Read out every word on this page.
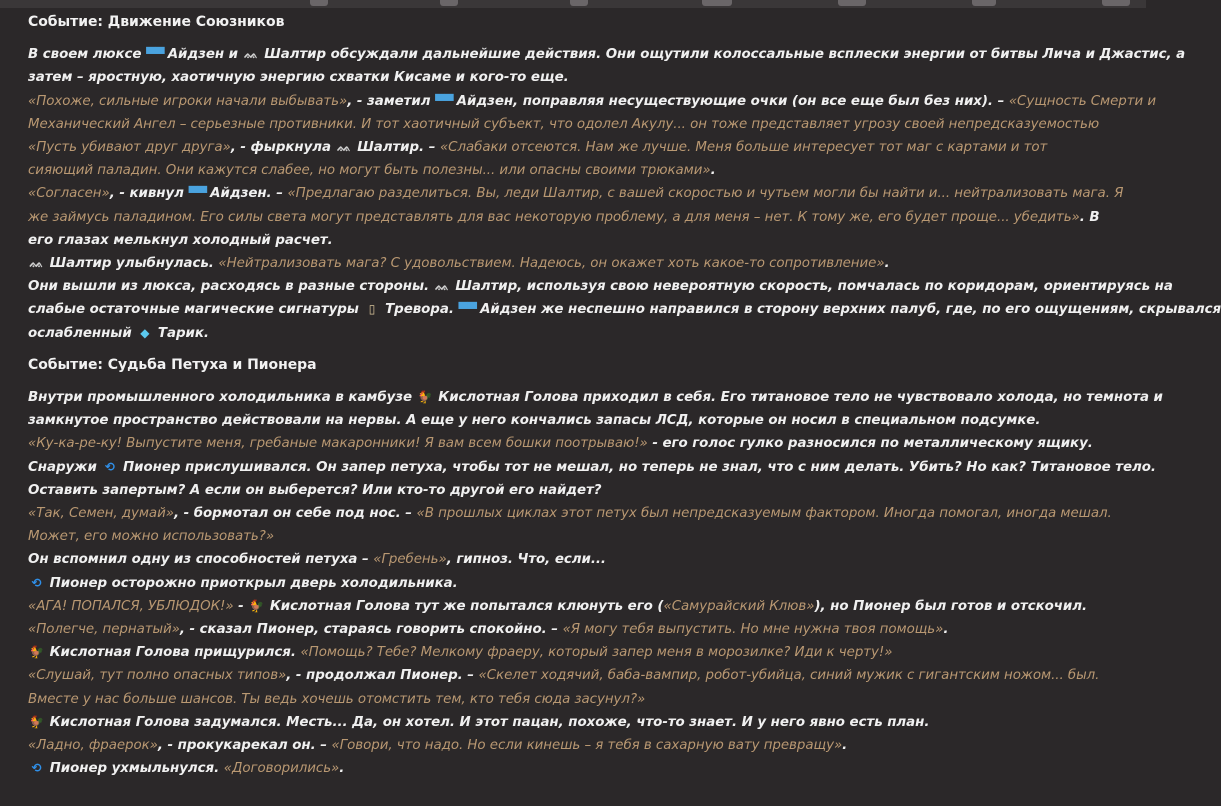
Событие: Движение Союзников
В своем люксе ▀▀ Айдзен и ᨐ Шалтир обсуждали дальнейшие действия. Они ощутили колоссальные всплески энергии от битвы Лича и Джастис, а
затем – яростную, хаотичную энергию схватки Кисаме и кого-то еще.
«Похоже, сильные игроки начали выбывать», - заметил ▀▀ Айдзен, поправляя несуществующие очки (он все еще был без них). – «Сущность Смерти и
Механический Ангел – серьезные противники. И тот хаотичный субъект, что одолел Акулу... он тоже представляет угрозу своей непредсказуемостью
«Пусть убивают друг друга», - фыркнула ᨐ Шалтир. – «Слабаки отсеются. Нам же лучше. Меня больше интересует тот маг с картами и тот
сияющий паладин. Они кажутся слабее, но могут быть полезны... или опасны своими трюками».
«Согласен», - кивнул ▀▀ Айдзен. – «Предлагаю разделиться. Вы, леди Шалтир, с вашей скоростью и чутьем могли бы найти и... нейтрализовать мага. Я
же займусь паладином. Его силы света могут представлять для вас некоторую проблему, а для меня – нет. К тому же, его будет проще... убедить». В
его глазах мелькнул холодный расчет.
ᨐ Шалтир улыбнулась. «Нейтрализовать мага? С удовольствием. Надеюсь, он окажет хоть какое-то сопротивление».
Они вышли из люкса, расходясь в разные стороны. ᨐ Шалтир, используя свою невероятную скорость, помчалась по коридорам, ориентируясь на
слабые остаточные магические сигнатуры ▯ Тревора. ▀▀ Айдзен же неспешно направился в сторону верхних палуб, где, по его ощущениям, скрывался
ослабленный ◆ Тарик.
Событие: Судьба Петуха и Пионера
Внутри промышленного холодильника в камбузе 🐓 Кислотная Голова приходил в себя. Его титановое тело не чувствовало холода, но темнота и
замкнутое пространство действовали на нервы. А еще у него кончались запасы ЛСД, которые он носил в специальном подсумке.
«Ку-ка-ре-ку! Выпустите меня, гребаные макаронники! Я вам всем бошки поотрываю!» - его голос гулко разносился по металлическому ящику.
Снаружи ⟲ Пионер прислушивался. Он запер петуха, чтобы тот не мешал, но теперь не знал, что с ним делать. Убить? Но как? Титановое тело.
Оставить запертым? А если он выберется? Или кто-то другой его найдет?
«Так, Семен, думай», - бормотал он себе под нос. – «В прошлых циклах этот петух был непредсказуемым фактором. Иногда помогал, иногда мешал.
Может, его можно использовать?»
Он вспомнил одну из способностей петуха – «Гребень», гипноз. Что, если...
⟲ Пионер осторожно приоткрыл дверь холодильника.
«АГА! ПОПАЛСЯ, УБЛЮДОК!» - 🐓 Кислотная Голова тут же попытался клюнуть его («Самурайский Клюв»), но Пионер был готов и отскочил.
«Полегче, пернатый», - сказал Пионер, стараясь говорить спокойно. – «Я могу тебя выпустить. Но мне нужна твоя помощь».
🐓 Кислотная Голова прищурился. «Помощь? Тебе? Мелкому фраеру, который запер меня в морозилке? Иди к черту!»
«Слушай, тут полно опасных типов», - продолжал Пионер. – «Скелет ходячий, баба-вампир, робот-убийца, синий мужик с гигантским ножом... был.
Вместе у нас больше шансов. Ты ведь хочешь отомстить тем, кто тебя сюда засунул?»
🐓 Кислотная Голова задумался. Месть... Да, он хотел. И этот пацан, похоже, что-то знает. И у него явно есть план.
«Ладно, фраерок», - прокукарекал он. – «Говори, что надо. Но если кинешь – я тебя в сахарную вату превращу».
⟲ Пионер ухмыльнулся. «Договорились».
